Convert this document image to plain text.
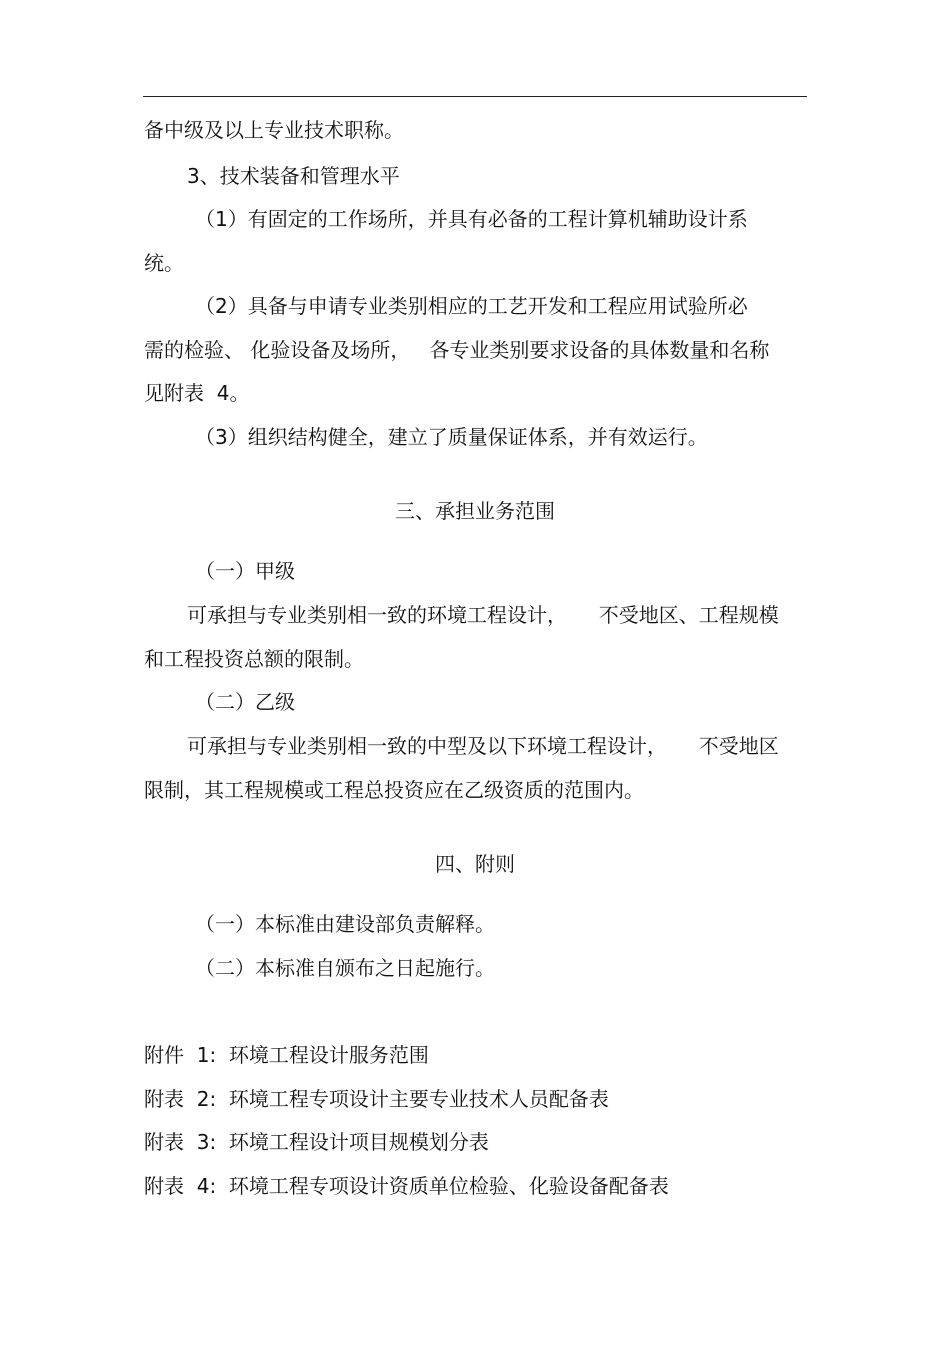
备中级及以上专业技术职称。

3、技术装备和管理水平

（1）有固定的工作场所，并具有必备的工程计算机辅助设计系

统。

（2）具备与申请专业类别相应的工艺开发和工程应用试验所必

需的检验、 化验设备及场所，   各专业类别要求设备的具体数量和名称

见附表  4。

（3）组织结构健全，建立了质量保证体系，并有效运行。

三、承担业务范围

（一）甲级

可承担与专业类别相一致的环境工程设计，     不受地区、工程规模

和工程投资总额的限制。

（二）乙级

可承担与专业类别相一致的中型及以下环境工程设计，     不受地区

限制，其工程规模或工程总投资应在乙级资质的范围内。

四、附则

（一）本标准由建设部负责解释。

（二）本标准自颁布之日起施行。

附件  1:  环境工程设计服务范围

附表  2:  环境工程专项设计主要专业技术人员配备表

附表  3:  环境工程设计项目规模划分表

附表  4:  环境工程专项设计资质单位检验、化验设备配备表
